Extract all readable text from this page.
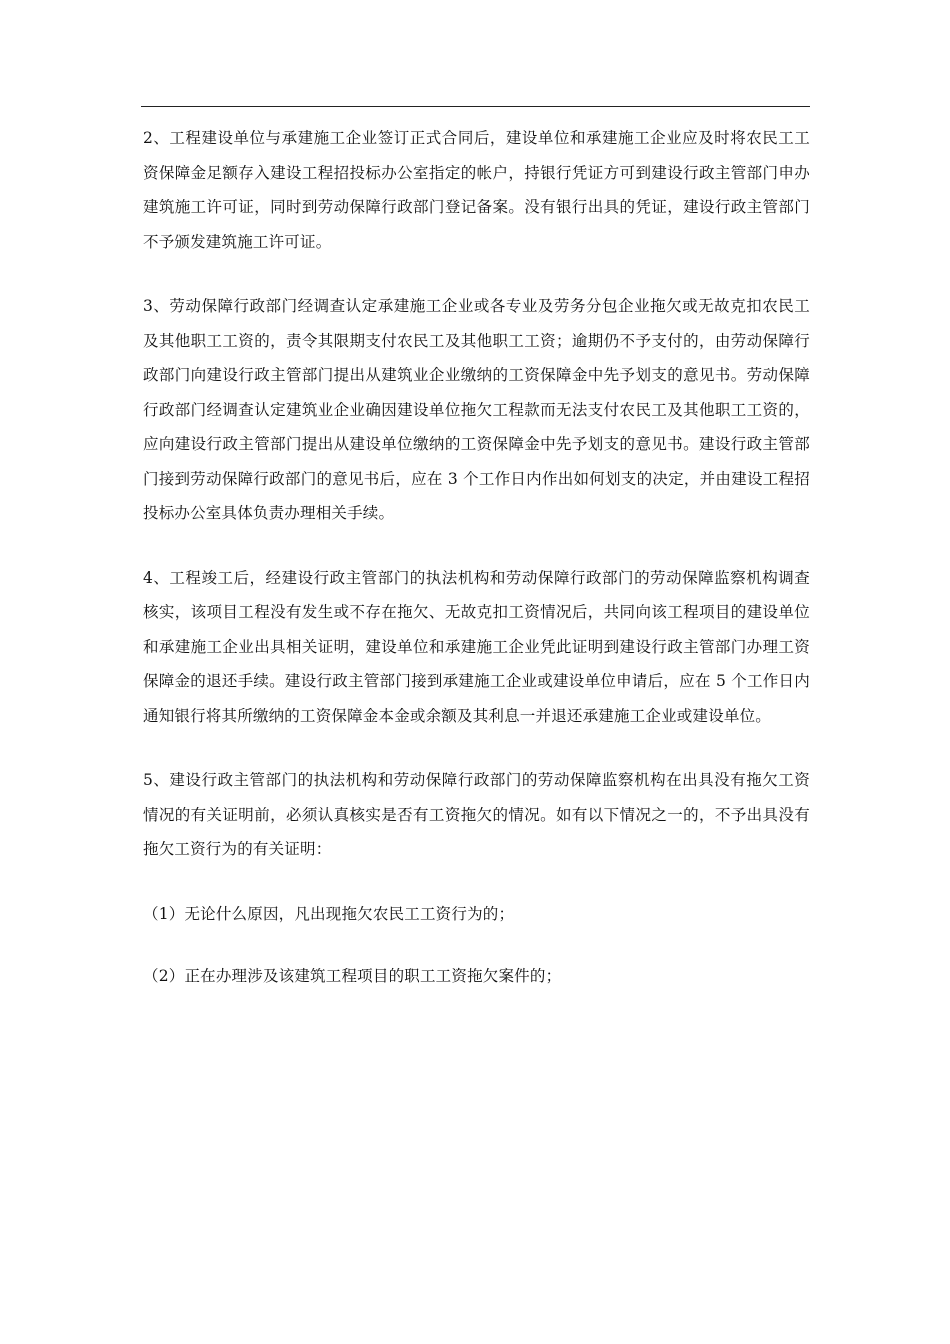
2、工程建设单位与承建施工企业签订正式合同后，建设单位和承建施工企业应及时将农民工工资保障金足额存入建设工程招投标办公室指定的帐户，持银行凭证方可到建设行政主管部门申办建筑施工许可证，同时到劳动保障行政部门登记备案。没有银行出具的凭证，建设行政主管部门不予颁发建筑施工许可证。

3、劳动保障行政部门经调查认定承建施工企业或各专业及劳务分包企业拖欠或无故克扣农民工及其他职工工资的，责令其限期支付农民工及其他职工工资；逾期仍不予支付的，由劳动保障行政部门向建设行政主管部门提出从建筑业企业缴纳的工资保障金中先予划支的意见书。劳动保障行政部门经调查认定建筑业企业确因建设单位拖欠工程款而无法支付农民工及其他职工工资的，应向建设行政主管部门提出从建设单位缴纳的工资保障金中先予划支的意见书。建设行政主管部门接到劳动保障行政部门的意见书后，应在 3 个工作日内作出如何划支的决定，并由建设工程招投标办公室具体负责办理相关手续。

4、工程竣工后，经建设行政主管部门的执法机构和劳动保障行政部门的劳动保障监察机构调查核实，该项目工程没有发生或不存在拖欠、无故克扣工资情况后，共同向该工程项目的建设单位和承建施工企业出具相关证明，建设单位和承建施工企业凭此证明到建设行政主管部门办理工资保障金的退还手续。建设行政主管部门接到承建施工企业或建设单位申请后，应在 5 个工作日内通知银行将其所缴纳的工资保障金本金或余额及其利息一并退还承建施工企业或建设单位。

5、建设行政主管部门的执法机构和劳动保障行政部门的劳动保障监察机构在出具没有拖欠工资情况的有关证明前，必须认真核实是否有工资拖欠的情况。如有以下情况之一的，不予出具没有拖欠工资行为的有关证明：

（1）无论什么原因，凡出现拖欠农民工工资行为的；

（2）正在办理涉及该建筑工程项目的职工工资拖欠案件的；
